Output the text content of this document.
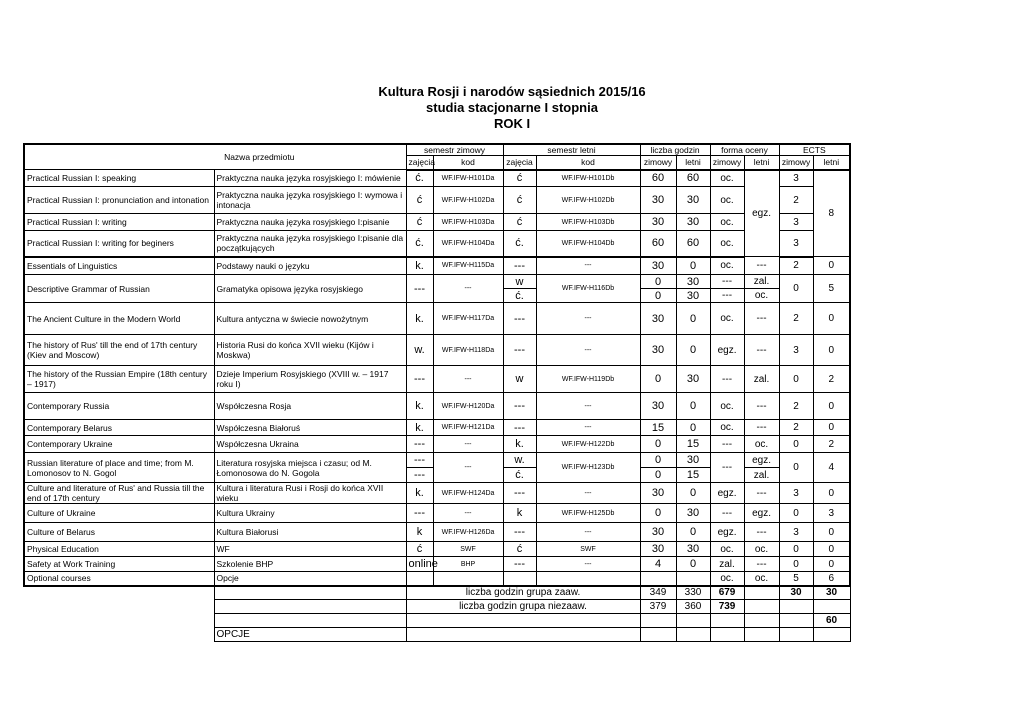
Kultura Rosji i narodów sąsiednich 2015/16
studia stacjonarne I stopnia
ROK I
Nazwa przedmiotu		semestr zimowy		semestr letni		liczba godzin		forma oceny		ECTS	
		zajęcia	kod	zajęcia	kod	zimowy	letni	zimowy	letni	zimowy	letni
Practical Russian I: speaking	Praktyczna nauka języka rosyjskiego I: mówienie	ć.	WF.IFW-H101Da	ć	WF.IFW-H101Db	60	60	oc.	egz.	3	8
Practical Russian I: pronunciation and intonation	Praktyczna nauka języka rosyjskiego I: wymowa i intonacja	ć	WF.IFW-H102Da	ć	WF.IFW-H102Db	30	30	oc.		2	
Practical Russian I: writing	Praktyczna nauka języka rosyjskiego I:pisanie	ć	WF.IFW-H103Da	ć	WF.IFW-H103Db	30	30	oc.		3	
Practical Russian I: writing for beginers	Praktyczna nauka języka rosyjskiego I:pisanie dla początkujących	ć.	WF.IFW-H104Da	ć.	WF.IFW-H104Db	60	60	oc.		3	
Essentials of Linguistics	Podstawy nauki o języku	k.	WF.IFW-H115Da	---	---	30	0	oc.	---	2	0
Descriptive Grammar of Russian	Gramatyka opisowa języka rosyjskiego	---	---	w	WF.IFW-H116Db	0	30	---	zal.	0	5
				ć.		0	30	---	oc.		
The Ancient Culture in the Modern World	Kultura antyczna w świecie nowożytnym	k.	WF.IFW-H117Da	---	---	30	0	oc.	---	2	0
The history of Rus' till the end of 17th century (Kiev and Moscow)	Historia Rusi do końca XVII wieku (Kijów i Moskwa)	w.	WF.IFW-H118Da	---	---	30	0	egz.	---	3	0
The history of the Russian Empire (18th century – 1917)	Dzieje Imperium Rosyjskiego (XVIII w. – 1917 roku I)	---	---	w	WF.IFW-H119Db	0	30	---	zal.	0	2
Contemporary Russia	Współczesna Rosja	k.	WF.IFW-H120Da	---	---	30	0	oc.	---	2	0
Contemporary Belarus	Współczesna Białoruś	k.	WF.IFW-H121Da	---	---	15	0	oc.	---	2	0
Contemporary Ukraine	Współczesna Ukraina	---	---	k.	WF.IFW-H122Db	0	15	---	oc.	0	2
Russian literature of place and time; from M. Lomonosov to N. Gogol	Literatura rosyjska miejsca i czasu; od M. Łomonosowa do N. Gogola	---	---	w.	WF.IFW-H123Db	0	30	---	egz.	0	4
		---		ć.		0	15		zal.		
Culture and literature of Rus' and Russia till the end of 17th century	Kultura i literatura Rusi i Rosji do końca XVII wieku	k.	WF.IFW-H124Da	---	---	30	0	egz.	---	3	0
Culture of Ukraine	Kultura Ukrainy	---	---	k	WF.IFW-H125Db	0	30	---	egz.	0	3
Culture of Belarus	Kultura Białorusi	k	WF.IFW-H126Da	---	---	30	0	egz.	---	3	0
Physical Education	WF	ć	SWF	ć	SWF	30	30	oc.	oc.	0	0
Safety at Work Training	Szkolenie BHP	online	BHP	---	---	4	0	zal.	---	0	0
Optional courses	Opcje							oc.	oc.	5	6
		liczba godzin grupa zaaw.				349	330	679		30	30
		liczba godzin grupa niezaaw.				379	360	739			
											60
	OPCJE										
